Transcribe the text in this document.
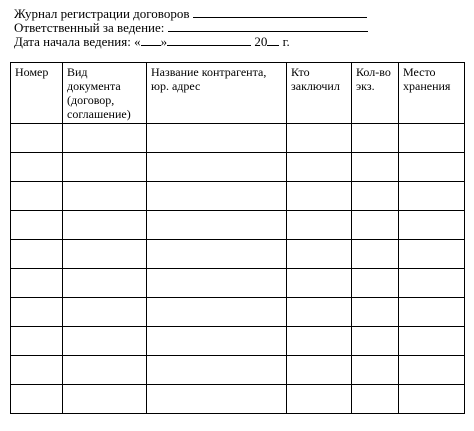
Журнал регистрации договоров
Ответственный за ведение:
Дата начала ведения: « »	20 г.
Номер	Вид документа (договор, соглашение)	Название контрагента, юр. адрес	Кто заключил	Кол-во экз.	Место хранения
